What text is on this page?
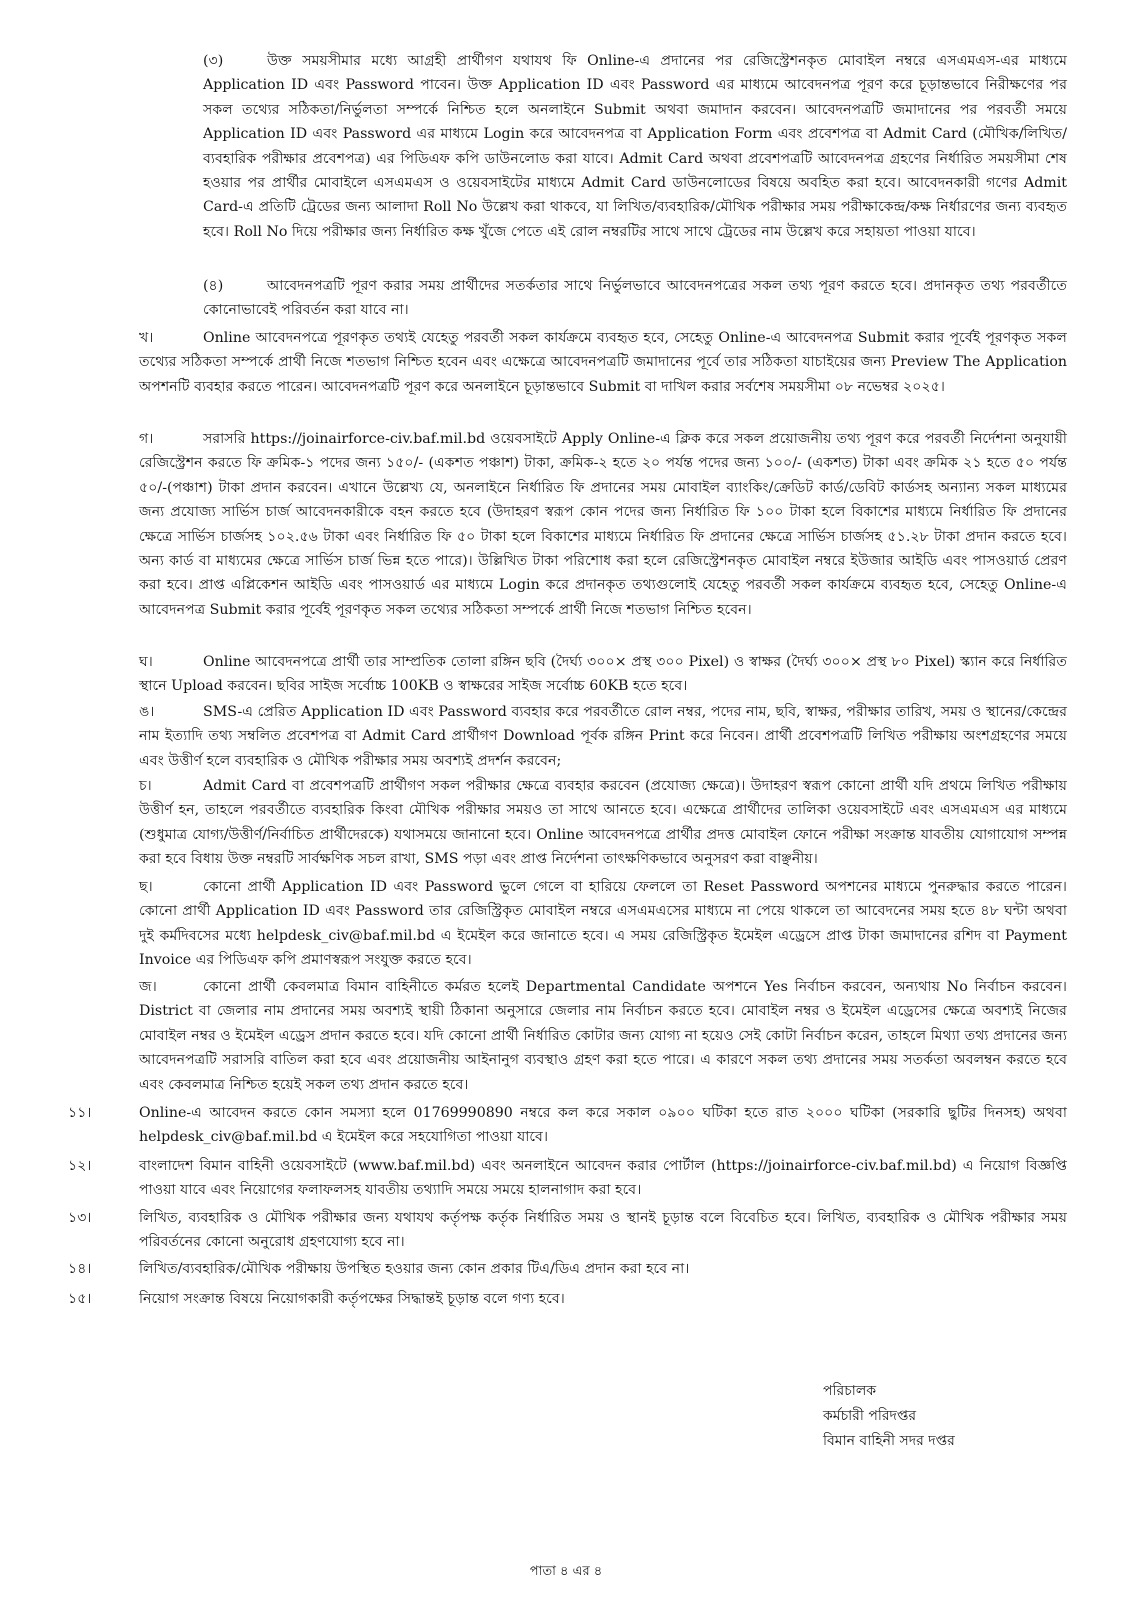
(৩)	উক্ত সময়সীমার মধ্যে আগ্রহী প্রার্থীগণ যথাযথ ফি Online-এ প্রদানের পর রেজিস্ট্রেশনকৃত মোবাইল নম্বরে এসএমএস-এর মাধ্যমে Application ID এবং Password পাবেন। উক্ত Application ID এবং Password এর মাধ্যমে আবেদনপত্র পূরণ করে চূড়ান্তভাবে নিরীক্ষণের পর সকল তথ্যের সঠিকতা/নির্ভুলতা সম্পর্কে নিশ্চিত হলে অনলাইনে Submit অথবা জমাদান করবেন। আবেদনপত্রটি জমাদানের পর পরবর্তী সময়ে Application ID এবং Password এর মাধ্যমে Login করে আবেদনপত্র বা Application Form এবং প্রবেশপত্র বা Admit Card (মৌখিক/লিখিত/ব্যবহারিক পরীক্ষার প্রবেশপত্র) এর পিডিএফ কপি ডাউনলোড করা যাবে। Admit Card অথবা প্রবেশপত্রটি আবেদনপত্র গ্রহণের নির্ধারিত সময়সীমা শেষ হওয়ার পর প্রার্থীর মোবাইলে এসএমএস ও ওয়েবসাইটের মাধ্যমে Admit Card ডাউনলোডের বিষয়ে অবহিত করা হবে। আবেদনকারী গণের Admit Card-এ প্রতিটি ট্রেডের জন্য আলাদা Roll No উল্লেখ করা থাকবে, যা লিখিত/ব্যবহারিক/মৌখিক পরীক্ষার সময় পরীক্ষাকেন্দ্র/কক্ষ নির্ধারণের জন্য ব্যবহৃত হবে। Roll No দিয়ে পরীক্ষার জন্য নির্ধারিত কক্ষ খুঁজে পেতে এই রোল নম্বরটির সাথে সাথে ট্রেডের নাম উল্লেখ করে সহায়তা পাওয়া যাবে।

(৪)	আবেদনপত্রটি পূরণ করার সময় প্রার্থীদের সতর্কতার সাথে নির্ভুলভাবে আবেদনপত্রের সকল তথ্য পূরণ করতে হবে। প্রদানকৃত তথ্য পরবর্তীতে কোনোভাবেই পরিবর্তন করা যাবে না।

খ।	Online আবেদনপত্রে পূরণকৃত তথ্যই যেহেতু পরবর্তী সকল কার্যক্রমে ব্যবহৃত হবে, সেহেতু Online-এ আবেদনপত্র Submit করার পূর্বেই পূরণকৃত সকল তথ্যের সঠিকতা সম্পর্কে প্রার্থী নিজে শতভাগ নিশ্চিত হবেন এবং এক্ষেত্রে আবেদনপত্রটি জমাদানের পূর্বে তার সঠিকতা যাচাইয়ের জন্য Preview The Application অপশনটি ব্যবহার করতে পারেন। আবেদনপত্রটি পূরণ করে অনলাইনে চূড়ান্তভাবে Submit বা দাখিল করার সর্বশেষ সময়সীমা ০৮ নভেম্বর ২০২৫।

গ।	সরাসরি https://joinairforce-civ.baf.mil.bd ওয়েবসাইটে Apply Online-এ ক্লিক করে সকল প্রয়োজনীয় তথ্য পূরণ করে পরবর্তী নির্দেশনা অনুযায়ী রেজিস্ট্রেশন করতে ফি ক্রমিক-১ পদের জন্য ১৫০/- (একশত পঞ্চাশ) টাকা, ক্রমিক-২ হতে ২০ পর্যন্ত পদের জন্য ১০০/- (একশত) টাকা এবং ক্রমিক ২১ হতে ৫০ পর্যন্ত ৫০/-(পঞ্চাশ) টাকা প্রদান করবেন। এখানে উল্লেখ্য যে, অনলাইনে নির্ধারিত ফি প্রদানের সময় মোবাইল ব্যাংকিং/ক্রেডিট কার্ড/ডেবিট কার্ডসহ অন্যান্য সকল মাধ্যমের জন্য প্রযোজ্য সার্ভিস চার্জ আবেদনকারীকে বহন করতে হবে (উদাহরণ স্বরূপ কোন পদের জন্য নির্ধারিত ফি ১০০ টাকা হলে বিকাশের মাধ্যমে নির্ধারিত ফি প্রদানের ক্ষেত্রে সার্ভিস চার্জসহ ১০২.৫৬ টাকা এবং নির্ধারিত ফি ৫০ টাকা হলে বিকাশের মাধ্যমে নির্ধারিত ফি প্রদানের ক্ষেত্রে সার্ভিস চার্জসহ ৫১.২৮ টাকা প্রদান করতে হবে। অন্য কার্ড বা মাধ্যমের ক্ষেত্রে সার্ভিস চার্জ ভিন্ন হতে পারে)। উল্লিখিত টাকা পরিশোধ করা হলে রেজিস্ট্রেশনকৃত মোবাইল নম্বরে ইউজার আইডি এবং পাসওয়ার্ড প্রেরণ করা হবে। প্রাপ্ত এপ্লিকেশন আইডি এবং পাসওয়ার্ড এর মাধ্যমে Login করে প্রদানকৃত তথ্যগুলোই যেহেতু পরবর্তী সকল কার্যক্রমে ব্যবহৃত হবে, সেহেতু Online-এ আবেদনপত্র Submit করার পূর্বেই পূরণকৃত সকল তথ্যের সঠিকতা সম্পর্কে প্রার্থী নিজে শতভাগ নিশ্চিত হবেন।

ঘ।	Online আবেদনপত্রে প্রার্থী তার সাম্প্রতিক তোলা রঙ্গিন ছবি (দৈর্ঘ্য ৩০০× প্রস্থ ৩০০ Pixel) ও স্বাক্ষর (দৈর্ঘ্য ৩০০× প্রস্থ ৮০ Pixel) স্ক্যান করে নির্ধারিত স্থানে Upload করবেন। ছবির সাইজ সর্বোচ্চ 100KB ও স্বাক্ষরের সাইজ সর্বোচ্চ 60KB হতে হবে।

ঙ।	SMS-এ প্রেরিত Application ID এবং Password ব্যবহার করে পরবর্তীতে রোল নম্বর, পদের নাম, ছবি, স্বাক্ষর, পরীক্ষার তারিখ, সময় ও স্থানের/কেন্দ্রের নাম ইত্যাদি তথ্য সম্বলিত প্রবেশপত্র বা Admit Card প্রার্থীগণ Download পূর্বক রঙ্গিন Print করে নিবেন। প্রার্থী প্রবেশপত্রটি লিখিত পরীক্ষায় অংশগ্রহণের সময়ে এবং উত্তীর্ণ হলে ব্যবহারিক ও মৌখিক পরীক্ষার সময় অবশ্যই প্রদর্শন করবেন;

চ।	Admit Card বা প্রবেশপত্রটি প্রার্থীগণ সকল পরীক্ষার ক্ষেত্রে ব্যবহার করবেন (প্রযোজ্য ক্ষেত্রে)। উদাহরণ স্বরূপ কোনো প্রার্থী যদি প্রথমে লিখিত পরীক্ষায় উত্তীর্ণ হন, তাহলে পরবর্তীতে ব্যবহারিক কিংবা মৌখিক পরীক্ষার সময়ও তা সাথে আনতে হবে। এক্ষেত্রে প্রার্থীদের তালিকা ওয়েবসাইটে এবং এসএমএস এর মাধ্যমে (শুধুমাত্র যোগ্য/উত্তীর্ণ/নির্বাচিত প্রার্থীদেরকে) যথাসময়ে জানানো হবে। Online আবেদনপত্রে প্রার্থীর প্রদত্ত মোবাইল ফোনে পরীক্ষা সংক্রান্ত যাবতীয় যোগাযোগ সম্পন্ন করা হবে বিধায় উক্ত নম্বরটি সার্বক্ষণিক সচল রাখা, SMS পড়া এবং প্রাপ্ত নির্দেশনা তাৎক্ষণিকভাবে অনুসরণ করা বাঞ্ছনীয়।

ছ।	কোনো প্রার্থী Application ID এবং Password ভুলে গেলে বা হারিয়ে ফেললে তা Reset Password অপশনের মাধ্যমে পুনরুদ্ধার করতে পারেন। কোনো প্রার্থী Application ID এবং Password তার রেজিস্ট্রিকৃত মোবাইল নম্বরে এসএমএসের মাধ্যমে না পেয়ে থাকলে তা আবেদনের সময় হতে ৪৮ ঘন্টা অথবা দুই কর্মদিবসের মধ্যে helpdesk_civ@baf.mil.bd এ ইমেইল করে জানাতে হবে। এ সময় রেজিস্ট্রিকৃত ইমেইল এড্রেসে প্রাপ্ত টাকা জমাদানের রশিদ বা Payment Invoice এর পিডিএফ কপি প্রমাণস্বরূপ সংযুক্ত করতে হবে।

জ।	কোনো প্রার্থী কেবলমাত্র বিমান বাহিনীতে কর্মরত হলেই Departmental Candidate অপশনে Yes নির্বাচন করবেন, অন্যথায় No নির্বাচন করবেন। District বা জেলার নাম প্রদানের সময় অবশ্যই স্থায়ী ঠিকানা অনুসারে জেলার নাম নির্বাচন করতে হবে। মোবাইল নম্বর ও ইমেইল এড্রেসের ক্ষেত্রে অবশ্যই নিজের মোবাইল নম্বর ও ইমেইল এড্রেস প্রদান করতে হবে। যদি কোনো প্রার্থী নির্ধারিত কোটার জন্য যোগ্য না হয়েও সেই কোটা নির্বাচন করেন, তাহলে মিথ্যা তথ্য প্রদানের জন্য আবেদনপত্রটি সরাসরি বাতিল করা হবে এবং প্রয়োজনীয় আইনানুগ ব্যবস্থাও গ্রহণ করা হতে পারে। এ কারণে সকল তথ্য প্রদানের সময় সতর্কতা অবলম্বন করতে হবে এবং কেবলমাত্র নিশ্চিত হয়েই সকল তথ্য প্রদান করতে হবে।

১১।	Online-এ আবেদন করতে কোন সমস্যা হলে 01769990890 নম্বরে কল করে সকাল ০৯০০ ঘটিকা হতে রাত ২০০০ ঘটিকা (সরকারি ছুটির দিনসহ) অথবা helpdesk_civ@baf.mil.bd এ ইমেইল করে সহযোগিতা পাওয়া যাবে।

১২।	বাংলাদেশ বিমান বাহিনী ওয়েবসাইটে (www.baf.mil.bd) এবং অনলাইনে আবেদন করার পোর্টাল (https://joinairforce-civ.baf.mil.bd) এ নিয়োগ বিজ্ঞপ্তি পাওয়া যাবে এবং নিয়োগের ফলাফলসহ যাবতীয় তথ্যাদি সময়ে সময়ে হালনাগাদ করা হবে।

১৩।	লিখিত, ব্যবহারিক ও মৌখিক পরীক্ষার জন্য যথাযথ কর্তৃপক্ষ কর্তৃক নির্ধারিত সময় ও স্থানই চূড়ান্ত বলে বিবেচিত হবে। লিখিত, ব্যবহারিক ও মৌখিক পরীক্ষার সময় পরিবর্তনের কোনো অনুরোধ গ্রহণযোগ্য হবে না।

১৪।	লিখিত/ব্যবহারিক/মৌখিক পরীক্ষায় উপস্থিত হওয়ার জন্য কোন প্রকার টিএ/ডিএ প্রদান করা হবে না।

১৫।	নিয়োগ সংক্রান্ত বিষয়ে নিয়োগকারী কর্তৃপক্ষের সিদ্ধান্তই চূড়ান্ত বলে গণ্য হবে।

পরিচালক
কর্মচারী পরিদপ্তর
বিমান বাহিনী সদর দপ্তর
পাতা ৪ এর ৪
